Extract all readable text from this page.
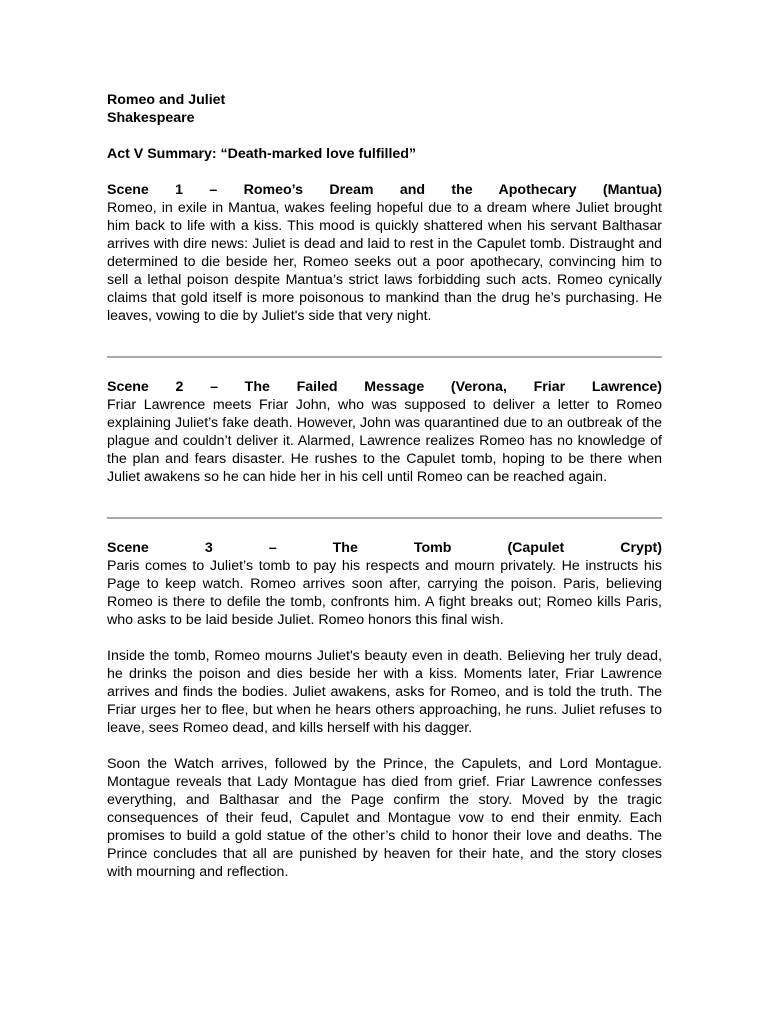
Romeo and Juliet
Shakespeare
Act V Summary: “Death-marked love fulfilled”
Scene 1 – Romeo’s Dream and the Apothecary (Mantua)

Romeo, in exile in Mantua, wakes feeling hopeful due to a dream where Juliet brought him back to life with a kiss. This mood is quickly shattered when his servant Balthasar arrives with dire news: Juliet is dead and laid to rest in the Capulet tomb. Distraught and determined to die beside her, Romeo seeks out a poor apothecary, convincing him to sell a lethal poison despite Mantua’s strict laws forbidding such acts. Romeo cynically claims that gold itself is more poisonous to mankind than the drug he’s purchasing. He leaves, vowing to die by Juliet's side that very night.

Scene 2 – The Failed Message (Verona, Friar Lawrence)

Friar Lawrence meets Friar John, who was supposed to deliver a letter to Romeo explaining Juliet’s fake death. However, John was quarantined due to an outbreak of the plague and couldn’t deliver it. Alarmed, Lawrence realizes Romeo has no knowledge of the plan and fears disaster. He rushes to the Capulet tomb, hoping to be there when Juliet awakens so he can hide her in his cell until Romeo can be reached again.

Scene 3 – The Tomb (Capulet Crypt)

Paris comes to Juliet’s tomb to pay his respects and mourn privately. He instructs his Page to keep watch. Romeo arrives soon after, carrying the poison. Paris, believing Romeo is there to defile the tomb, confronts him. A fight breaks out; Romeo kills Paris, who asks to be laid beside Juliet. Romeo honors this final wish.

Inside the tomb, Romeo mourns Juliet's beauty even in death. Believing her truly dead, he drinks the poison and dies beside her with a kiss. Moments later, Friar Lawrence arrives and finds the bodies. Juliet awakens, asks for Romeo, and is told the truth. The Friar urges her to flee, but when he hears others approaching, he runs. Juliet refuses to leave, sees Romeo dead, and kills herself with his dagger.

Soon the Watch arrives, followed by the Prince, the Capulets, and Lord Montague. Montague reveals that Lady Montague has died from grief. Friar Lawrence confesses everything, and Balthasar and the Page confirm the story. Moved by the tragic consequences of their feud, Capulet and Montague vow to end their enmity. Each promises to build a gold statue of the other’s child to honor their love and deaths. The Prince concludes that all are punished by heaven for their hate, and the story closes with mourning and reflection.
